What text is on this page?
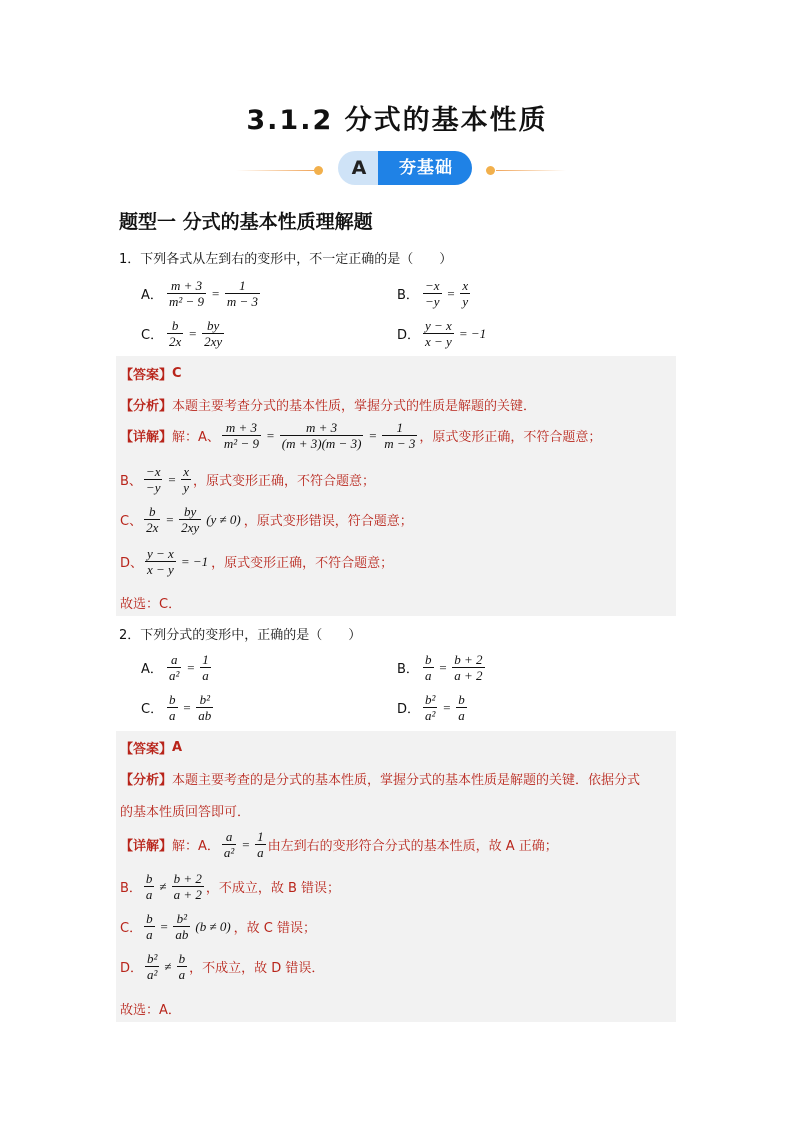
3.1.2 分式的基本性质
A	夯基础
题型一 分式的基本性质理解题
1．下列各式从左到右的变形中，不一定正确的是（　　）
A． $\frac{m + 3}{\text{m² − 9}} = \frac{1}{m - 3}$	B． $\frac{-x}{-y} = \frac{x}{y}$
C． $\frac{b}{2x} = \frac{by}{2xy}$	D． $\frac{y - x}{x - y} = -1$
【答案】 C
【分析】 本题主要考查分式的基本性质，掌握分式的性质是解题的关键．
【详解】 解：A、 $\frac{m + 3}{\text{m² − 9}} = \frac{m + 3}{(m + 3)(m - 3)} = \frac{1}{m - 3}$ ，原式变形正确，不符合题意；
B、 $\frac{-x}{-y} = \frac{x}{y}$ ，原式变形正确，不符合题意；
C、 $\frac{b}{2x} = \frac{by}{2xy} (y \ne 0)$ ，原式变形错误，符合题意；
D、 $\frac{y - x}{x - y} = -1$ ，原式变形正确，不符合题意；
故选： C．
2．下列分式的变形中，正确的是（　　）
A． $\frac{a}{\text{a²}} = \frac{1}{a}$	B． $\frac{b}{a} = \frac{b + 2}{a + 2}$
C． $\frac{b}{a} = \frac{\text{b²}}{ab}$	D． $\frac{\text{b²}}{\text{a²}} = \frac{b}{a}$
【答案】 A
【分析】 本题主要考查的是分式的基本性质，掌握分式的基本性质是解题的关键．依据分式
的基本性质回答即可．
【详解】 解：A． $\frac{a}{\text{a²}} = \frac{1}{a}$ 由左到右的变形符合分式的基本性质，故 A 正确；
B． $\frac{b}{a} \ne \frac{b + 2}{a + 2}$ ，不成立，故 B 错误；
C． $\frac{b}{a} = \frac{\text{b²}}{ab} (b \ne 0)$ ，故 C 错误；
D． $\frac{\text{b²}}{\text{a²}} \ne \frac{b}{a}$ ，不成立，故 D 错误．
故选： A．
